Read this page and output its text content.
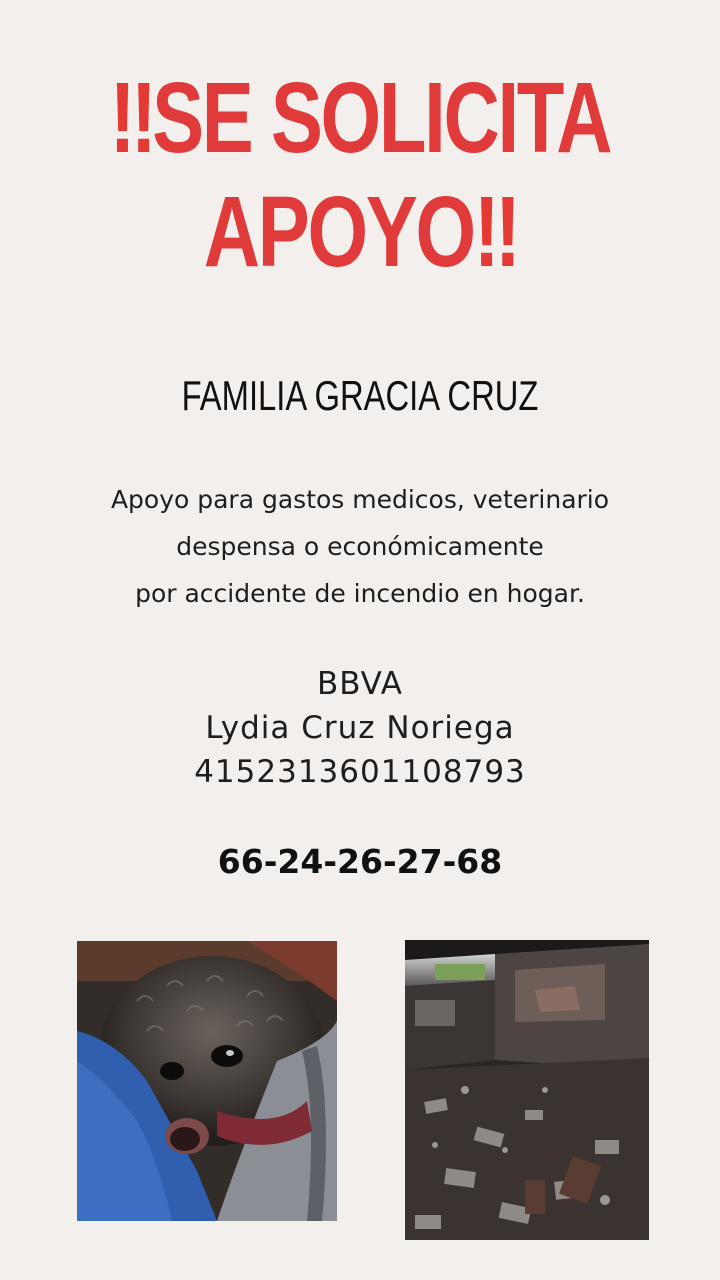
‼SE SOLICITA
APOYO‼
FAMILIA GRACIA CRUZ
Apoyo para gastos medicos, veterinario
despensa o económicamente
por accidente de incendio en hogar.
BBVA
Lydia Cruz Noriega
4152313601108793
66-24-26-27-68
